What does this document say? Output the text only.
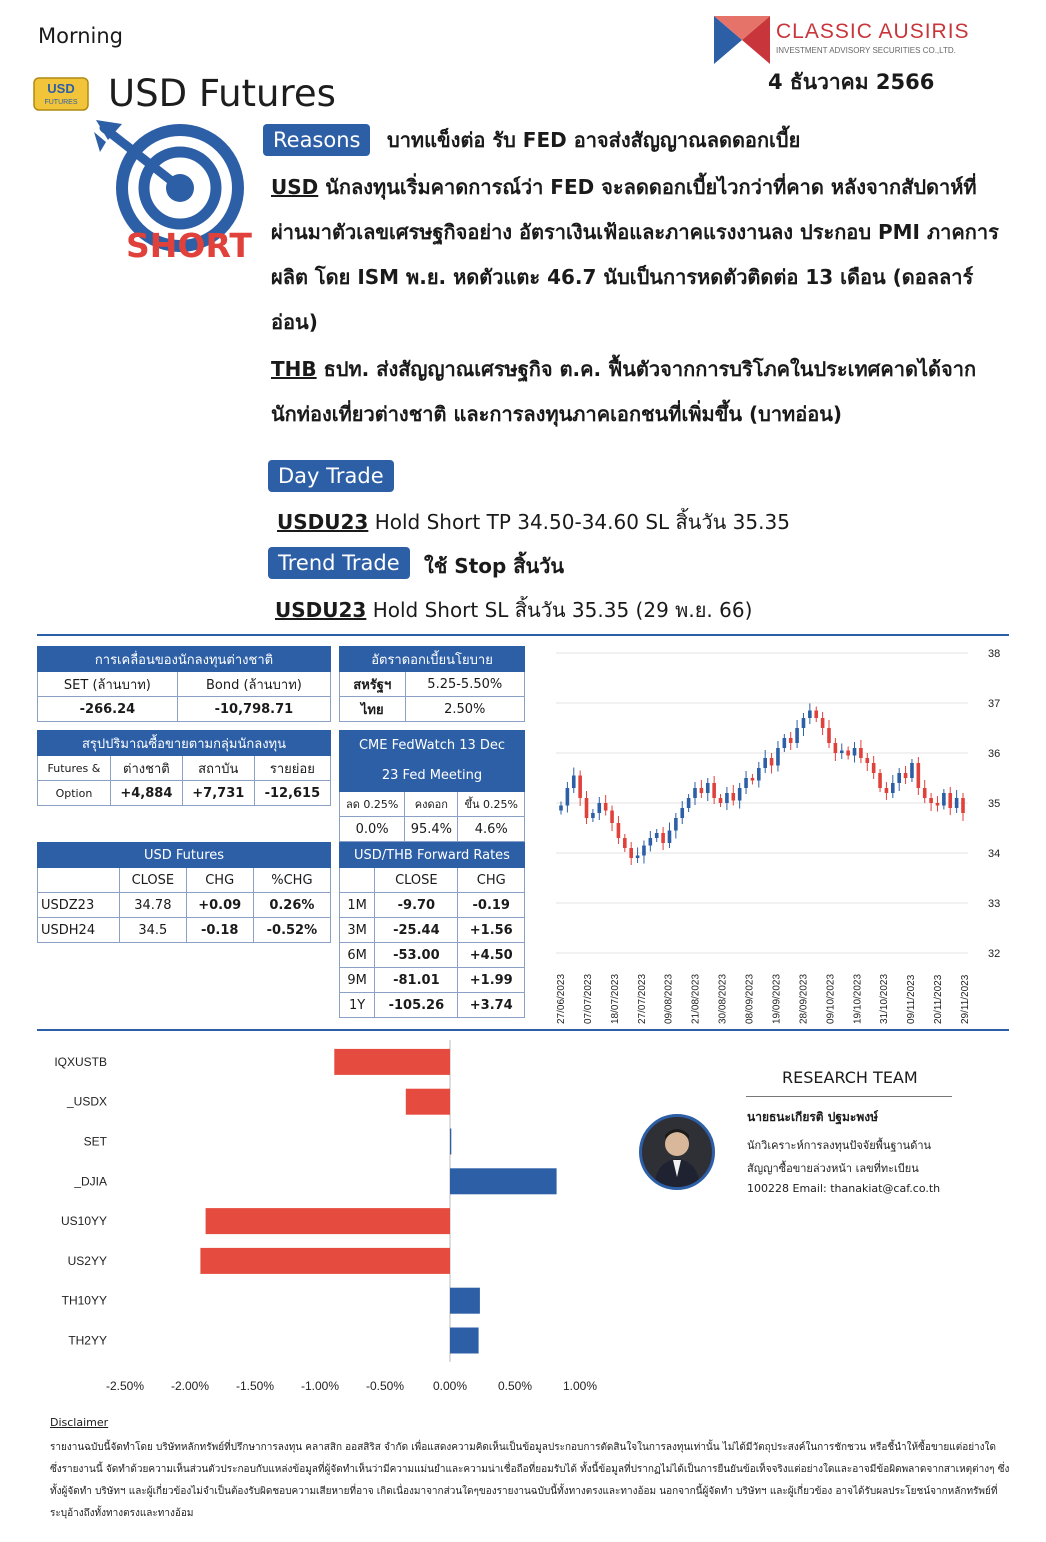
Morning	CLASSIC AUSIRIS
INVESTMENT ADVISORY SECURITIES CO.,LTD.
4 ธันวาคม 2566
USD
FUTURES USD Futures
SHORT
Reasons	บาทแข็งต่อ รับ FED อาจส่งสัญญาณลดดอกเบี้ย
USD นักลงทุนเริ่มคาดการณ์ว่า FED จะลดดอกเบี้ยไวกว่าที่คาด หลังจากสัปดาห์ที่ผ่านมาตัวเลขเศรษฐกิจอย่าง อัตราเงินเฟ้อและภาคแรงงานลง ประกอบ PMI ภาคการผลิต โดย ISM พ.ย. หดตัวแตะ 46.7 นับเป็นการหดตัวติดต่อ 13 เดือน (ดอลลาร์อ่อน)
THB ธปท. ส่งสัญญาณเศรษฐกิจ ต.ค. ฟื้นตัวจากการบริโภคในประเทศคาดได้จากนักท่องเที่ยวต่างชาติ และการลงทุนภาคเอกชนที่เพิ่มขึ้น (บาทอ่อน)
Day Trade
USDU23 Hold Short TP 34.50-34.60 SL สิ้นวัน 35.35
Trend Trade	ใช้ Stop สิ้นวัน
USDU23 Hold Short SL สิ้นวัน 35.35 (29 พ.ย. 66)
การเคลื่อนของนักลงทุนต่างชาติ	
SET (ล้านบาท)	Bond (ล้านบาท)
-266.24	-10,798.71
อัตราดอกเบี้ยนโยบาย	
สหรัฐฯ	5.25-5.50%
ไทย	2.50%
สรุปปริมาณซื้อขายตามกลุ่มนักลงทุน			
Futures &	ต่างชาติ	สถาบัน	รายย่อย
Option	+4,884	+7,731	-12,615
CME FedWatch 13 Dec
23 Fed Meeting		
ลด 0.25%	คงดอก	ขึ้น 0.25%
0.0%	95.4%	4.6%
USD Futures			
	CLOSE	CHG	%CHG
USDZ23	34.78	+0.09	0.26%
USDH24	34.5	-0.18	-0.52%
USD/THB Forward Rates		
	CLOSE	CHG
1M	-9.70	-0.19
3M	-25.44	+1.56
6M	-53.00	+4.50
9M	-81.01	+1.99
1Y	-105.26	+3.74
38
37
36
35
34
33
32
27/06/2023 07/07/2023 18/07/2023 27/07/2023 09/08/2023 21/08/2023 30/08/2023 08/09/2023 19/09/2023 28/09/2023 09/10/2023 19/10/2023 31/10/2023 09/11/2023 20/11/2023 29/11/2023
IQXUSTB
_USDX
SET
_DJIA
US10YY
US2YY
TH10YY
TH2YY
-2.50% -2.00% -1.50% -1.00% -0.50% 0.00%	0.50%	1.00%
RESEARCH TEAM
นายธนะเกียรติ ปฐมะพงษ์
นักวิเคราะห์การลงทุนปัจจัยพื้นฐานด้าน
สัญญาซื้อขายล่วงหน้า เลขที่ทะเบียน
100228 Email: thanakiat@caf.co.th
Disclaimer
รายงานฉบับนี้จัดทำโดย บริษัทหลักทรัพย์ที่ปรึกษาการลงทุน คลาสสิก ออสสิริส จำกัด เพื่อแสดงความคิดเห็นเป็นข้อมูลประกอบการตัดสินใจในการลงทุนเท่านั้น ไม่ได้มีวัตถุประสงค์ในการชักชวน หรือชี้นำให้ซื้อขายแต่อย่างใด ซึ่งรายงานนี้ จัดทำด้วยความเห็นส่วนตัวประกอบกับแหล่งข้อมูลที่ผู้จัดทำเห็นว่ามีความแม่นยำและความน่าเชื่อถือที่ยอมรับได้ ทั้งนี้ข้อมูลที่ปรากฏไม่ได้เป็นการยืนยันข้อเท็จจริงแต่อย่างใดและอาจมีข้อผิดพลาดจากสาเหตุต่างๆ ซึ่งทั้งผู้จัดทำ บริษัทฯ และผู้เกี่ยวข้องไม่จำเป็นต้องรับผิดชอบความเสียหายที่อาจ เกิดเนื่องมาจากส่วนใดๆของรายงานฉบับนี้ทั้งทางตรงและทางอ้อม นอกจากนี้ผู้จัดทำ บริษัทฯ และผู้เกี่ยวข้อง อาจได้รับผลประโยชน์จากหลักทรัพย์ที่ระบุอ้างถึงทั้งทางตรงและทางอ้อม
